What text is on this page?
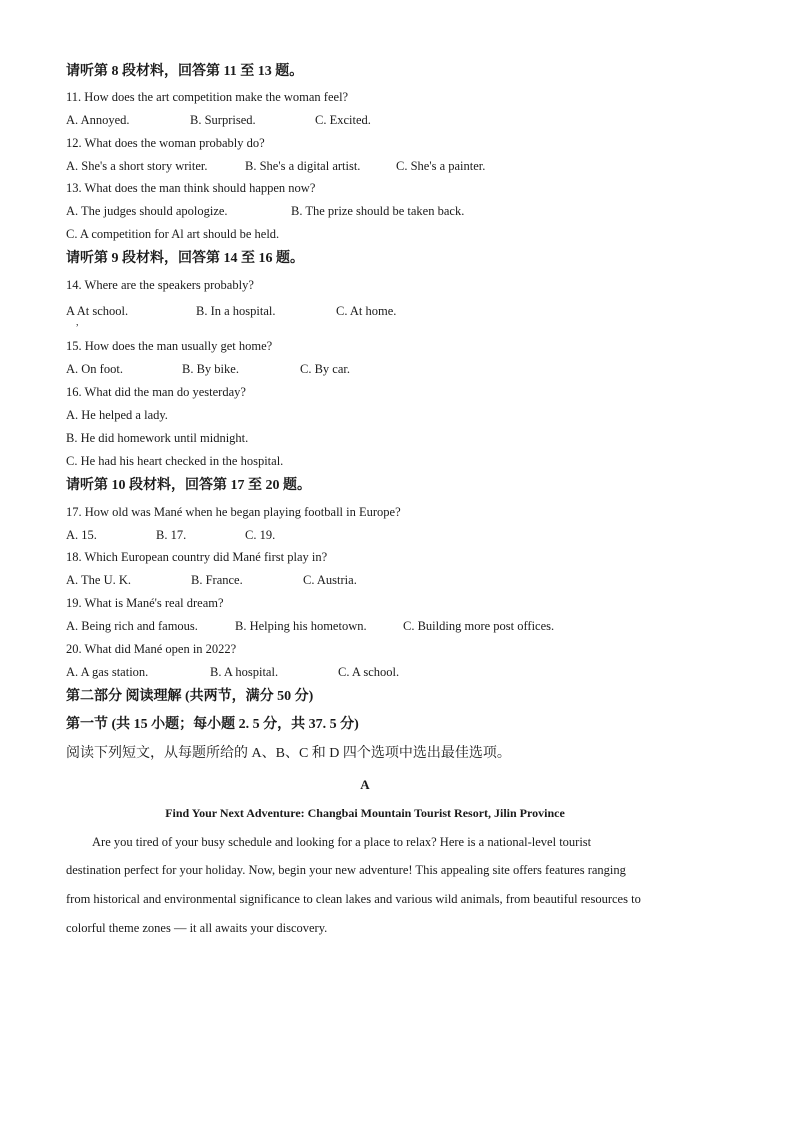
请听第 8 段材料，回答第 11 至 13 题。
11. How does the art competition make the woman feel?
A. Annoyed.	B. Surprised.	C. Excited.
12. What does the woman probably do?
A. She's a short story writer.	B. She's a digital artist.	C. She's a painter.
13. What does the man think should happen now?
A. The judges should apologize.	B. The prize should be taken back.
C. A competition for Al art should be held.
请听第 9 段材料，回答第 14 至 16 题。
14. Where are the speakers probably?
A At school.
,
B. In a hospital.	C. At home.
15. How does the man usually get home?
A. On foot.	B. By bike.	C. By car.
16. What did the man do yesterday?
A. He helped a lady.
B. He did homework until midnight.
C. He had his heart checked in the hospital.
请听第 10 段材料，回答第 17 至 20 题。
17. How old was Mané when he began playing football in Europe?
A. 15.	B. 17.	C. 19.
18. Which European country did Mané first play in?
A. The U. K.	B. France.	C. Austria.
19. What is Mané's real dream?
A. Being rich and famous.	B. Helping his hometown.	C. Building more post offices.
20. What did Mané open in 2022?
A. A gas station.	B. A hospital.	C. A school.
第二部分 阅读理解 (共两节，满分 50 分)
第一节 (共 15 小题；每小题 2. 5 分，共 37. 5 分)
阅读下列短文，从每题所给的 A、B、C 和 D 四个选项中选出最佳选项。
A
Find Your Next Adventure: Changbai Mountain Tourist Resort, Jilin Province
Are you tired of your busy schedule and looking for a place to relax? Here is a national-level tourist
destination perfect for your holiday. Now, begin your new adventure! This appealing site offers features ranging
from historical and environmental significance to clean lakes and various wild animals, from beautiful resources to
colorful theme zones — it all awaits your discovery.
